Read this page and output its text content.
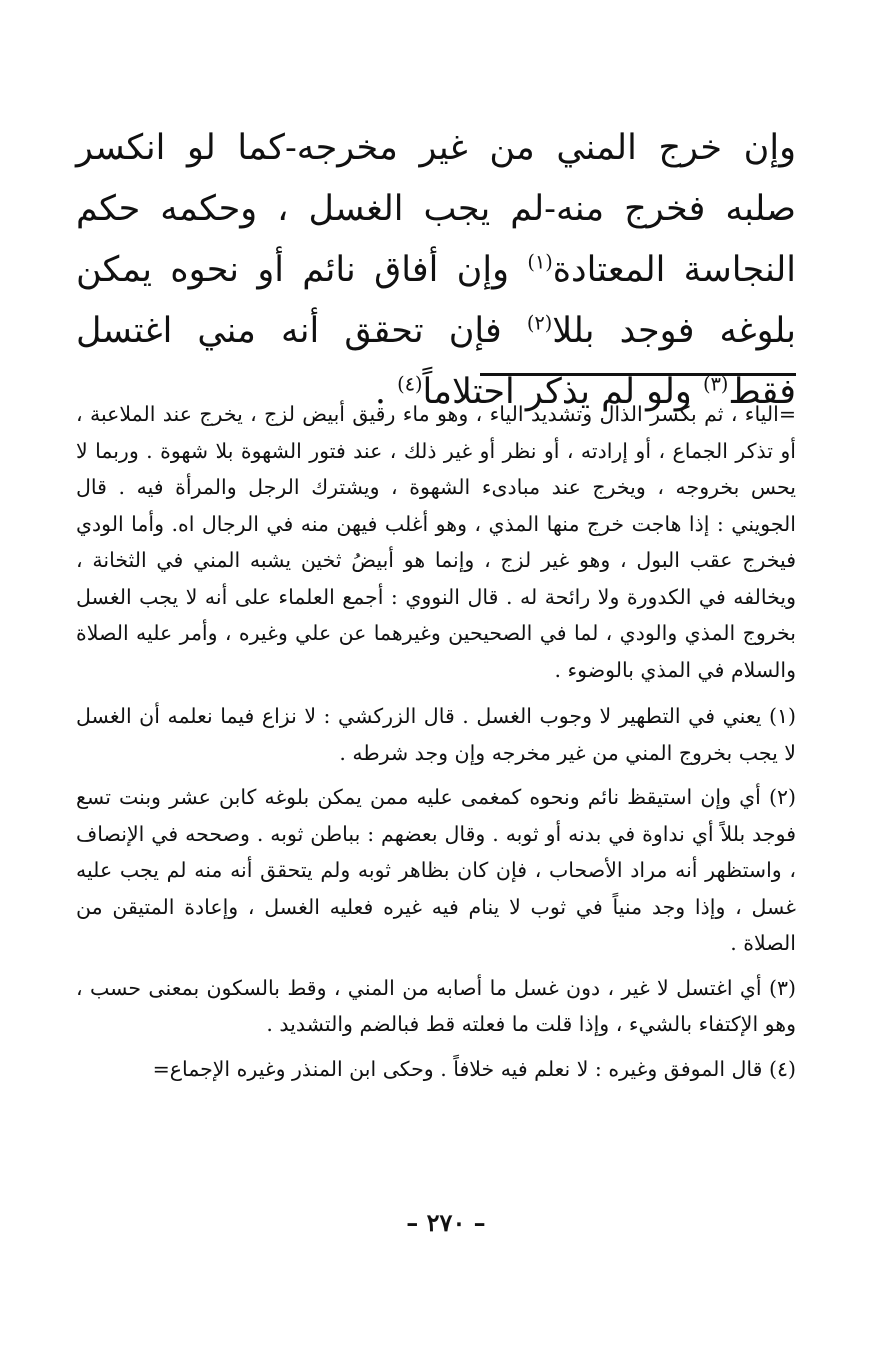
وإن خرج المني من غير مخرجه-كما لو انكسر صلبه فخرج منه-لم يجب الغسل ، وحكمه حكم النجاسة المعتادة$^{(١)}$ وإن أفاق نائم أو نحوه يمكن بلوغه فوجد بللا$^{(٢)}$ فإن تحقق أنه مني اغتسل فقط$^{(٣)}$ ولو لم يذكر احتلاماً$^{(٤)}$ .

=الياء ، ثم بكسر الذال وتشديد الياء ، وهو ماء رقيق أبيض لزج ، يخرج عند الملاعبة ، أو تذكر الجماع ، أو إرادته ، أو نظر أو غير ذلك ، عند فتور الشهوة بلا شهوة . وربما لا يحس بخروجه ، ويخرج عند مبادىء الشهوة ، ويشترك الرجل والمرأة فيه . قال الجويني : إذا هاجت خرج منها المذي ، وهو أغلب فيهن منه في الرجال اه. وأما الودي فيخرج عقب البول ، وهو غير لزج ، وإنما هو أبيضُ ثخين يشبه المني في الثخانة ، ويخالفه في الكدورة ولا رائحة له . قال النووي : أجمع العلماء على أنه لا يجب الغسل بخروج المذي والودي ، لما في الصحيحين وغيرهما عن علي وغيره ، وأمر عليه الصلاة والسلام في المذي بالوضوء .

(١) يعني في التطهير لا وجوب الغسل . قال الزركشي : لا نزاع فيما نعلمه أن الغسل لا يجب بخروج المني من غير مخرجه وإن وجد شرطه .

(٢) أي وإن استيقظ نائم ونحوه كمغمى عليه ممن يمكن بلوغه كابن عشر وبنت تسع فوجد بللاً أي نداوة في بدنه أو ثوبه . وقال بعضهم : بباطن ثوبه . وصححه في الإنصاف ، واستظهر أنه مراد الأصحاب ، فإن كان بظاهر ثوبه ولم يتحقق أنه منه لم يجب عليه غسل ، وإذا وجد منياً في ثوب لا ينام فيه غيره فعليه الغسل ، وإعادة المتيقن من الصلاة .

(٣) أي اغتسل لا غير ، دون غسل ما أصابه من المني ، وقط بالسكون بمعنى حسب ، وهو الإكتفاء بالشيء ، وإذا قلت ما فعلته قط فبالضم والتشديد .

(٤) قال الموفق وغيره : لا نعلم فيه خلافاً . وحكى ابن المنذر وغيره الإجماع=

– ٢٧٠ –
